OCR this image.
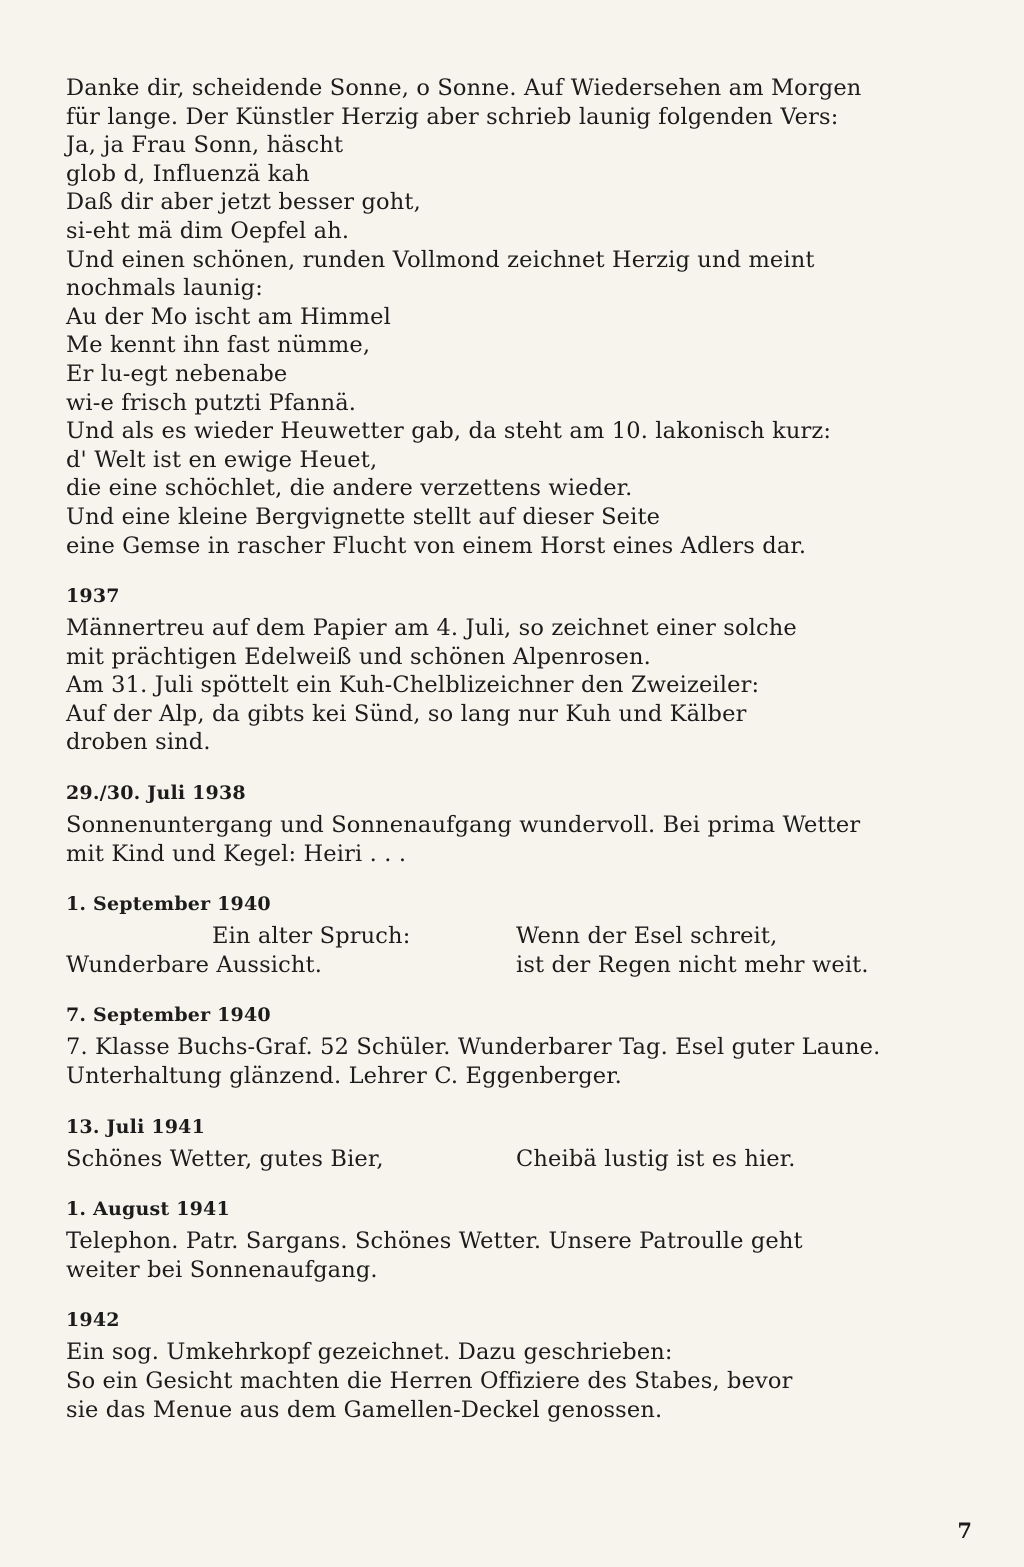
Danke dir, scheidende Sonne, o Sonne. Auf Wiedersehen am Morgen
für lange. Der Künstler Herzig aber schrieb launig folgenden Vers:
Ja, ja Frau Sonn, häscht
glob d, Influenzä kah
Daß dir aber jetzt besser goht,
si-eht mä dim Oepfel ah.
Und einen schönen, runden Vollmond zeichnet Herzig und meint
nochmals launig:
Au der Mo ischt am Himmel
Me kennt ihn fast nümme,
Er lu-egt nebenabe
wi-e frisch putzti Pfannä.
Und als es wieder Heuwetter gab, da steht am 10. lakonisch kurz:
d' Welt ist en ewige Heuet,
die eine schöchlet, die andere verzettens wieder.
Und eine kleine Bergvignette stellt auf dieser Seite
eine Gemse in rascher Flucht von einem Horst eines Adlers dar.
1937
Männertreu auf dem Papier am 4. Juli, so zeichnet einer solche
mit prächtigen Edelweiß und schönen Alpenrosen.
Am 31. Juli spöttelt ein Kuh-Chelblizeichner den Zweizeiler:
Auf der Alp, da gibts kei Sünd, so lang nur Kuh und Kälber
droben sind.
29./30. Juli 1938
Sonnenuntergang und Sonnenaufgang wundervoll. Bei prima Wetter
mit Kind und Kegel: Heiri . . .
1. September 1940
Ein alter Spruch:
Wunderbare Aussicht.
Wenn der Esel schreit,
ist der Regen nicht mehr weit.
7. September 1940
7. Klasse Buchs-Graf. 52 Schüler. Wunderbarer Tag. Esel guter Laune.
Unterhaltung glänzend. Lehrer C. Eggenberger.
13. Juli 1941
Schönes Wetter, gutes Bier,	Cheibä lustig ist es hier.
1. August 1941
Telephon. Patr. Sargans. Schönes Wetter. Unsere Patroulle geht
weiter bei Sonnenaufgang.
1942
Ein sog. Umkehrkopf gezeichnet. Dazu geschrieben:
So ein Gesicht machten die Herren Offiziere des Stabes, bevor
sie das Menue aus dem Gamellen-Deckel genossen.
7
